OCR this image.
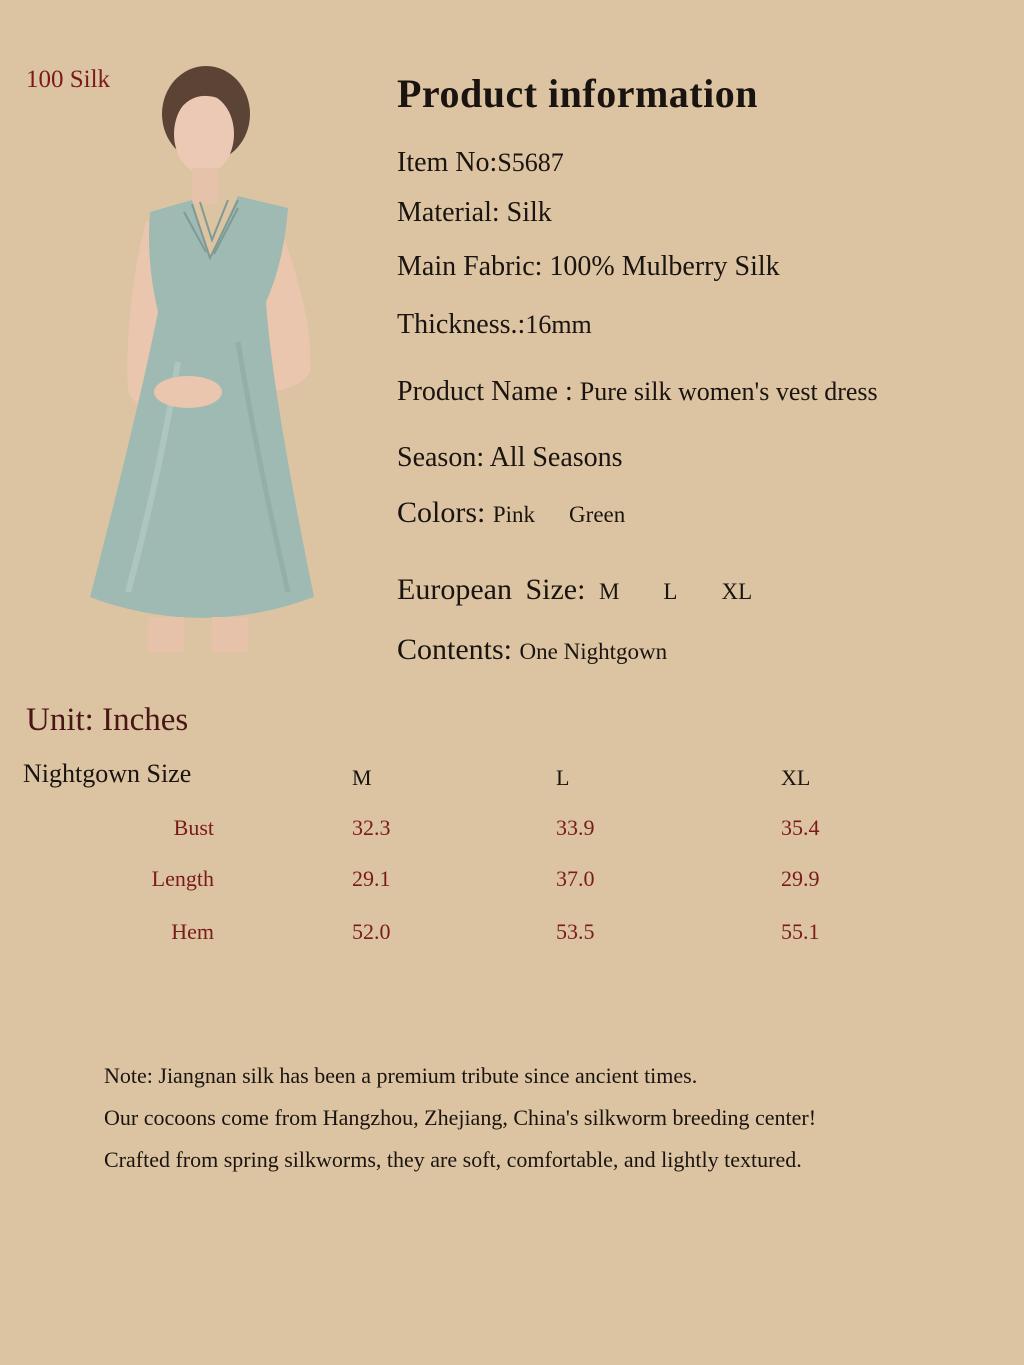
100 Silk	Product information
Item No:S5687
Material: Silk
Main Fabric: 100% Mulberry Silk
Thickness.:16mm
Product Name : Pure silk women's vest dress
Season: All Seasons
Colors: Pink Green
European Size: M L XL
Contents: One Nightgown
Unit: Inches
Nightgown Size	M	L	XL
Bust	32.3	33.9	35.4
Length	29.1	37.0	29.9
Hem	52.0	53.5	55.1
Note: Jiangnan silk has been a premium tribute since ancient times.
Our cocoons come from Hangzhou, Zhejiang, China's silkworm breeding center!
Crafted from spring silkworms, they are soft, comfortable, and lightly textured.
